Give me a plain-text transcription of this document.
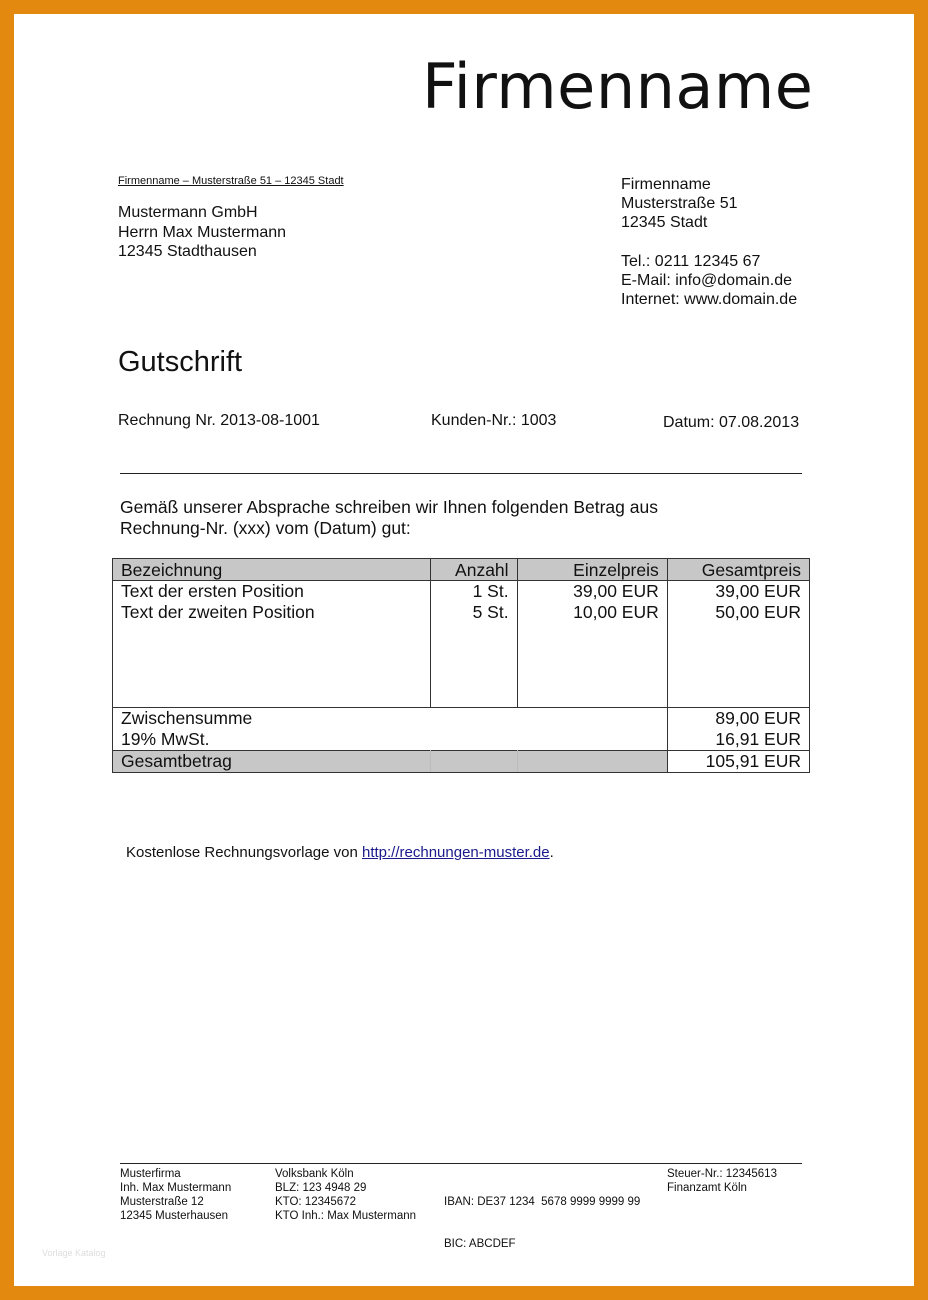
Firmenname
Firmenname – Musterstraße 51 – 12345 Stadt
Mustermann GmbH
Herrn Max Mustermann
12345 Stadthausen
Firmenname
Musterstraße 51
12345 Stadt
Tel.: 0211 12345 67
E-Mail: info@domain.de
Internet: www.domain.de
Gutschrift
Rechnung Nr. 2013-08-1001	Kunden-Nr.: 1003	Datum: 07.08.2013
Gemäß unserer Absprache schreiben wir Ihnen folgenden Betrag aus
Rechnung-Nr. (xxx) vom (Datum) gut:
Bezeichnung	Anzahl	Einzelpreis	Gesamtpreis
Text der ersten Position	1 St.	39,00 EUR	39,00 EUR
Text der zweiten Position	5 St.	10,00 EUR	50,00 EUR

Zwischensumme			89,00 EUR
19% MwSt.			16,91 EUR
Gesamtbetrag			105,91 EUR
Kostenlose Rechnungsvorlage von http://rechnungen-muster.de.
Musterfirma
Inh. Max Mustermann
Musterstraße 12
12345 Musterhausen
Volksbank Köln
BLZ: 123 4948 29
KTO: 12345672
KTO Inh.: Max Mustermann

IBAN: DE37 1234  5678 9999 9999 99

BIC: ABCDEF

Steuer-Nr.: 12345613
Finanzamt Köln
Vorlage Katalog
